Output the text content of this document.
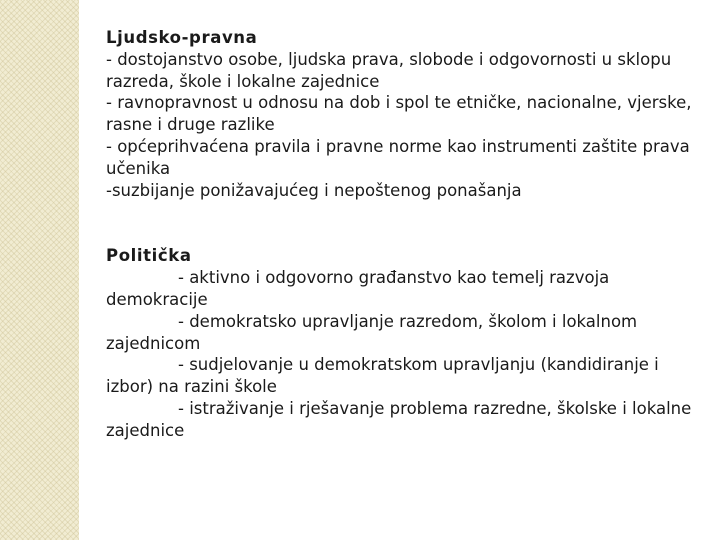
Ljudsko-pravna
- dostojanstvo osobe, ljudska prava, slobode i odgovornosti u sklopu razreda, škole i lokalne zajednice
- ravnopravnost u odnosu na dob i spol te etničke, nacionalne, vjerske, rasne i druge razlike
- općeprihvaćena pravila i pravne norme kao instrumenti zaštite prava učenika
-suzbijanje ponižavajućeg i nepoštenog ponašanja
Politička
- aktivno i odgovorno građanstvo kao temelj razvoja demokracije
- demokratsko upravljanje razredom, školom i lokalnom zajednicom
- sudjelovanje u demokratskom upravljanju (kandidiranje i izbor) na razini škole
- istraživanje i rješavanje problema razredne, školske i lokalne zajednice
